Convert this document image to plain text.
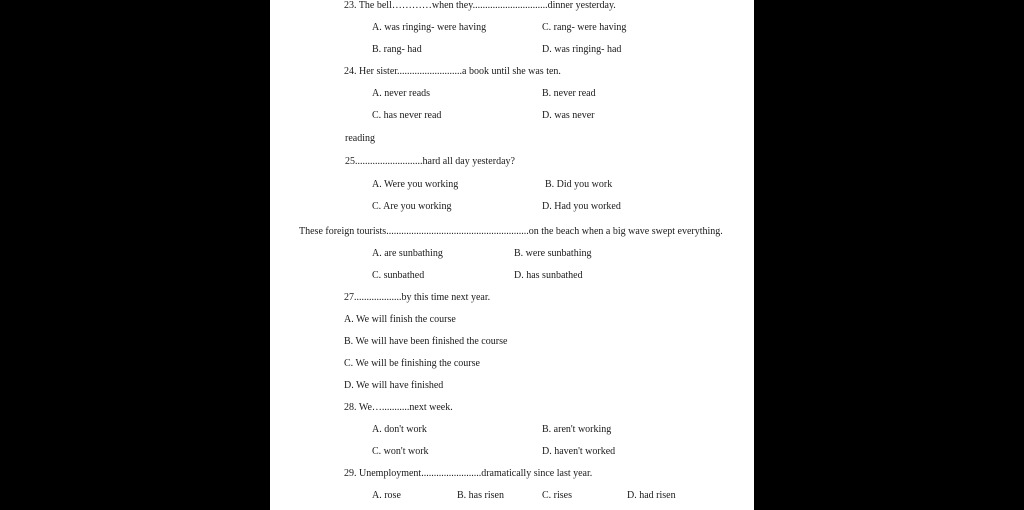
23. The bell…………when they..............................dinner yesterday.
A. was ringing- were having	C. rang- were having
B. rang- had	D. was ringing- had
24. Her sister..........................a book until she was ten.
A. never reads	B. never read
C. has never read	D. was never
reading
25...........................hard all day yesterday?
A. Were you working	B. Did you work
C. Are you working	D. Had you worked
These foreign tourists.........................................................on the beach when a big wave swept everything.
A. are sunbathing	B. were sunbathing
C. sunbathed	D. has sunbathed
27...................by this time next year.
A. We will finish the course
B. We will have been finished the course
C. We will be finishing the course
D. We will have finished
28. We…...........next week.
A. don't work	B. aren't working
C. won't work	D. haven't worked
29. Unemployment........................dramatically since last year.
A. rose	B. has risen	C. rises	D. had risen
